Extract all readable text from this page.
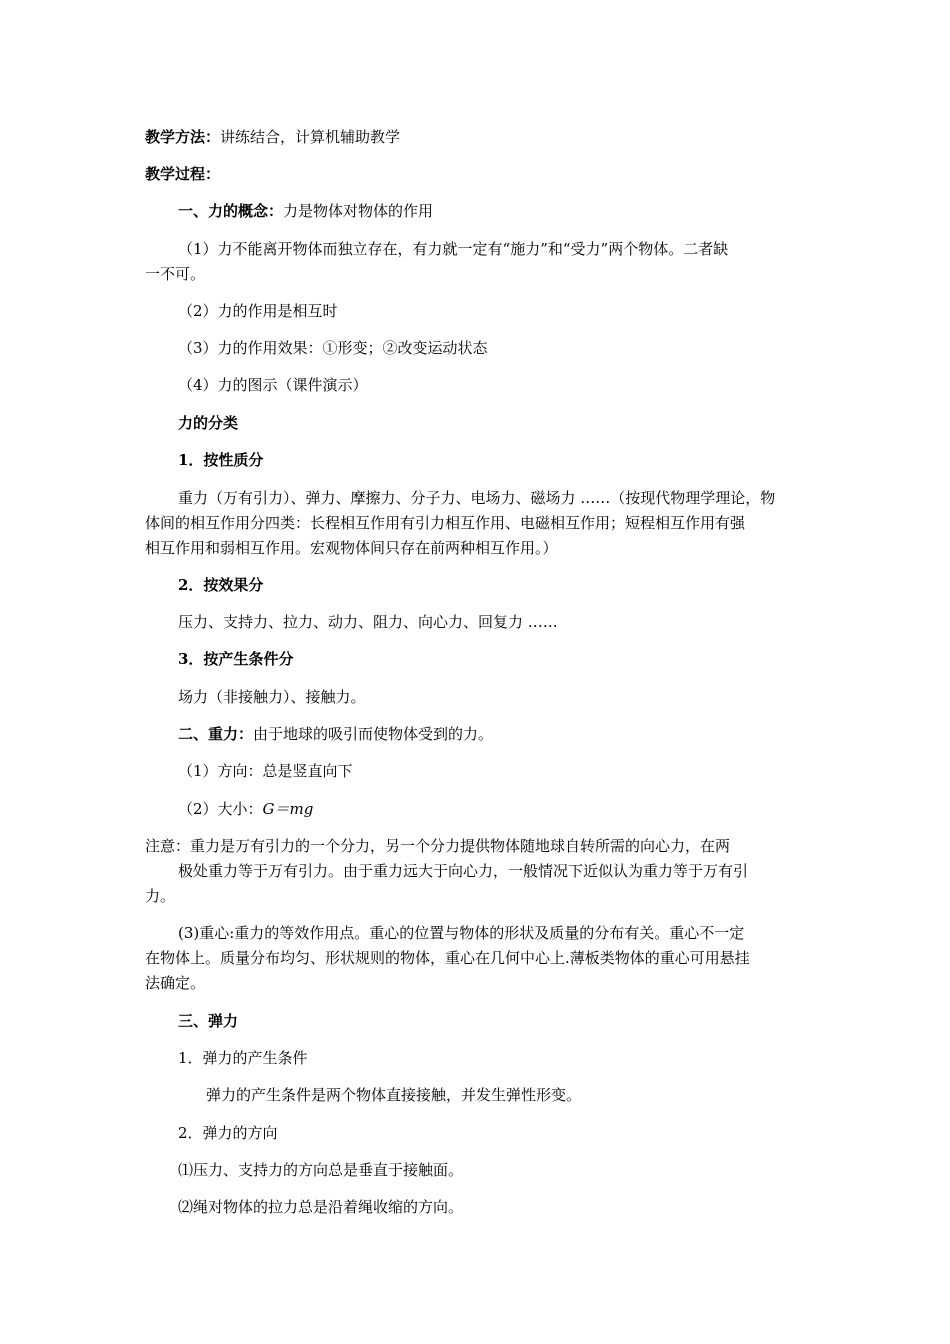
教学方法：讲练结合，计算机辅助教学
教学过程：
一、力的概念：力是物体对物体的作用
（1）力不能离开物体而独立存在，有力就一定有“施力”和“受力”两个物体。二者缺
一不可。
（2）力的作用是相互时
（3）力的作用效果：①形变；②改变运动状态
（4）力的图示（课件演示）
力的分类
1．按性质分
重力（万有引力）、弹力、摩擦力、分子力、电场力、磁场力 ……（按现代物理学理论，物
体间的相互作用分四类：长程相互作用有引力相互作用、电磁相互作用；短程相互作用有强
相互作用和弱相互作用。宏观物体间只存在前两种相互作用。）
2．按效果分
压力、支持力、拉力、动力、阻力、向心力、回复力 ……
3．按产生条件分
场力（非接触力）、接触力。
二、重力：由于地球的吸引而使物体受到的力。
（1）方向：总是竖直向下
（2）大小：G＝mg
注意：重力是万有引力的一个分力，另一个分力提供物体随地球自转所需的向心力，在两
极处重力等于万有引力。由于重力远大于向心力，一般情况下近似认为重力等于万有引
力。
(3)重心:重力的等效作用点。重心的位置与物体的形状及质量的分布有关。重心不一定
在物体上。质量分布均匀、形状规则的物体，重心在几何中心上.薄板类物体的重心可用悬挂
法确定。
三、弹力
1．弹力的产生条件
弹力的产生条件是两个物体直接接触，并发生弹性形变。
2．弹力的方向
⑴压力、支持力的方向总是垂直于接触面。
⑵绳对物体的拉力总是沿着绳收缩的方向。
